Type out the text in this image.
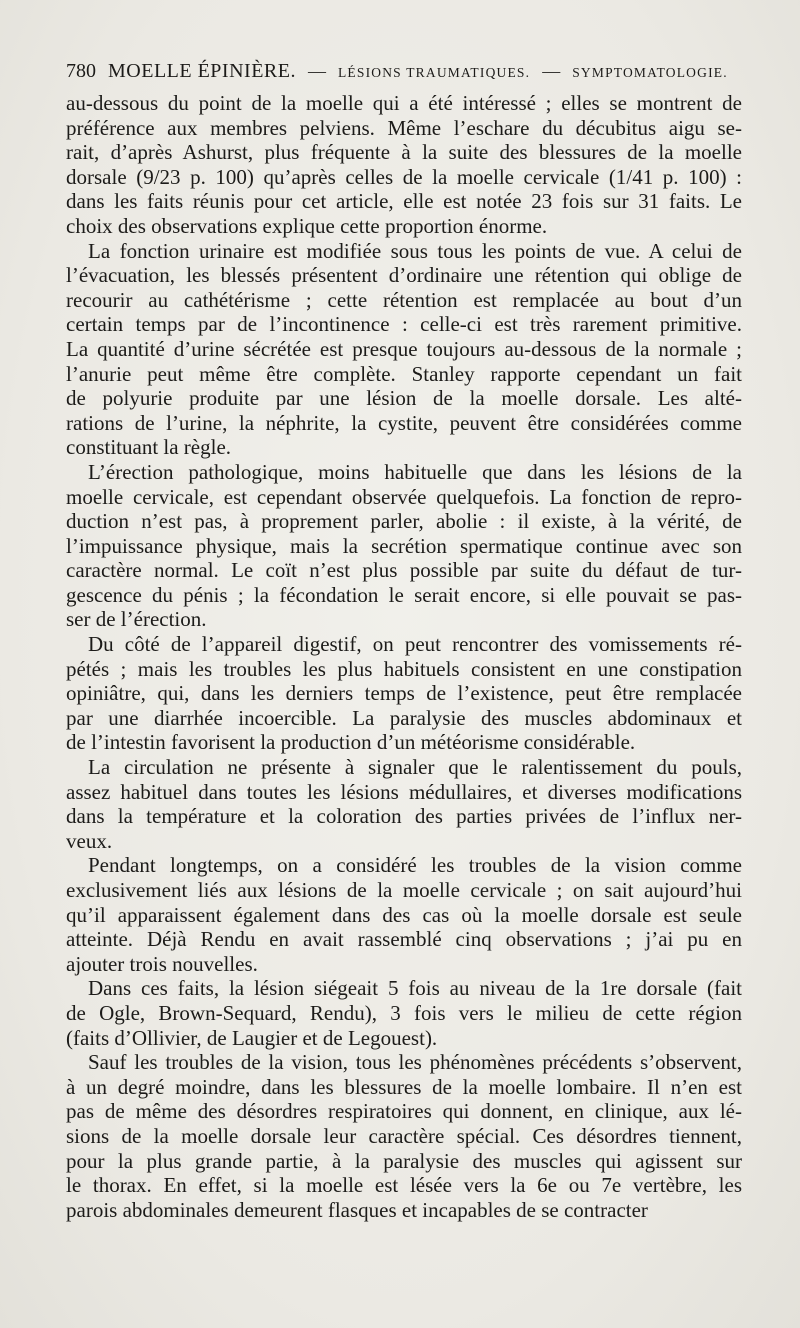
780 MOELLE ÉPINIÈRE. — LÉSIONS TRAUMATIQUES. — SYMPTOMATOLOGIE.
au-dessous du point de la moelle qui a été intéressé ; elles se montrent de
préférence aux membres pelviens. Même l’eschare du décubitus aigu se-
rait, d’après Ashurst, plus fréquente à la suite des blessures de la moelle
dorsale (9/23 p. 100) qu’après celles de la moelle cervicale (1/41 p. 100) :
dans les faits réunis pour cet article, elle est notée 23 fois sur 31 faits. Le
choix des observations explique cette proportion énorme.
La fonction urinaire est modifiée sous tous les points de vue. A celui de
l’évacuation, les blessés présentent d’ordinaire une rétention qui oblige de
recourir au cathétérisme ; cette rétention est remplacée au bout d’un
certain temps par de l’incontinence : celle-ci est très rarement primitive.
La quantité d’urine sécrétée est presque toujours au-dessous de la normale ;
l’anurie peut même être complète. Stanley rapporte cependant un fait
de polyurie produite par une lésion de la moelle dorsale. Les alté-
rations de l’urine, la néphrite, la cystite, peuvent être considérées comme
constituant la règle.
L’érection pathologique, moins habituelle que dans les lésions de la
moelle cervicale, est cependant observée quelquefois. La fonction de repro-
duction n’est pas, à proprement parler, abolie : il existe, à la vérité, de
l’impuissance physique, mais la secrétion spermatique continue avec son
caractère normal. Le coït n’est plus possible par suite du défaut de tur-
gescence du pénis ; la fécondation le serait encore, si elle pouvait se pas-
ser de l’érection.
Du côté de l’appareil digestif, on peut rencontrer des vomissements ré-
pétés ; mais les troubles les plus habituels consistent en une constipation
opiniâtre, qui, dans les derniers temps de l’existence, peut être remplacée
par une diarrhée incoercible. La paralysie des muscles abdominaux et
de l’intestin favorisent la production d’un météorisme considérable.
La circulation ne présente à signaler que le ralentissement du pouls,
assez habituel dans toutes les lésions médullaires, et diverses modifications
dans la température et la coloration des parties privées de l’influx ner-
veux.
Pendant longtemps, on a considéré les troubles de la vision comme
exclusivement liés aux lésions de la moelle cervicale ; on sait aujourd’hui
qu’il apparaissent également dans des cas où la moelle dorsale est seule
atteinte. Déjà Rendu en avait rassemblé cinq observations ; j’ai pu en
ajouter trois nouvelles.
Dans ces faits, la lésion siégeait 5 fois au niveau de la 1re dorsale (fait
de Ogle, Brown-Sequard, Rendu), 3 fois vers le milieu de cette région
(faits d’Ollivier, de Laugier et de Legouest).
Sauf les troubles de la vision, tous les phénomènes précédents s’observent,
à un degré moindre, dans les blessures de la moelle lombaire. Il n’en est
pas de même des désordres respiratoires qui donnent, en clinique, aux lé-
sions de la moelle dorsale leur caractère spécial. Ces désordres tiennent,
pour la plus grande partie, à la paralysie des muscles qui agissent sur
le thorax. En effet, si la moelle est lésée vers la 6e ou 7e vertèbre, les
parois abdominales demeurent flasques et incapables de se contracter
